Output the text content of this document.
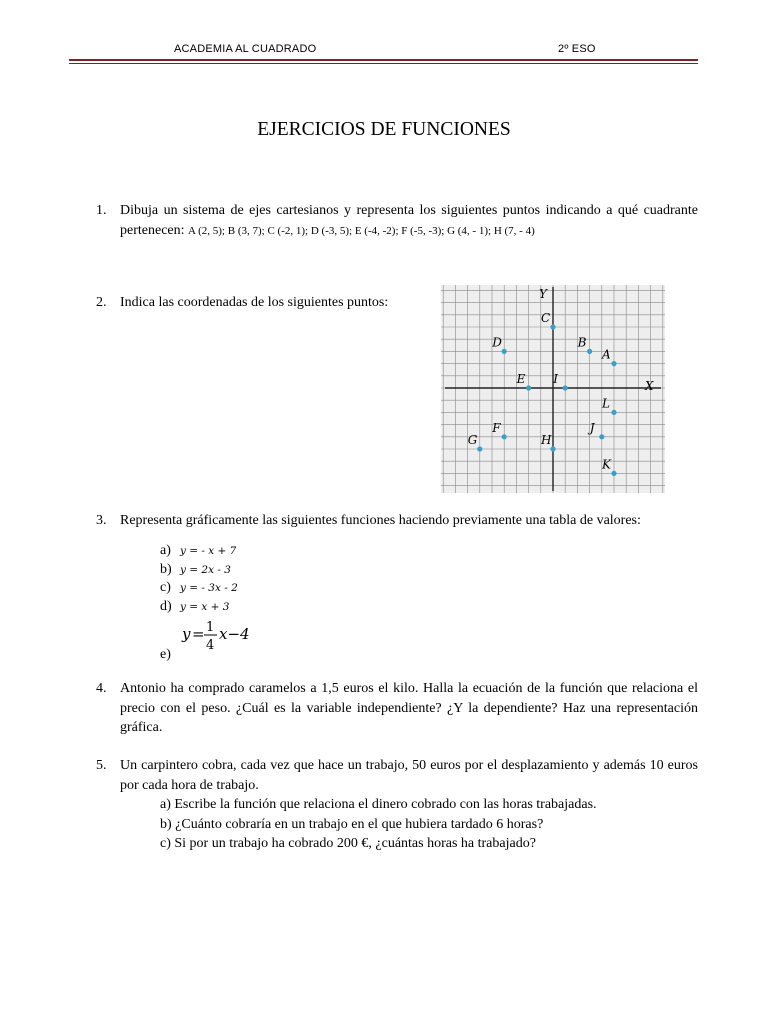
ACADEMIA AL CUADRADO	2º ESO
EJERCICIOS DE FUNCIONES
1. Dibuja un sistema de ejes cartesianos y representa los siguientes puntos indicando a qué cuadrante pertenecen: A (2, 5); B (3, 7); C (-2, 1); D (-3, 5); E (-4, -2); F (-5, -3); G (4, - 1); H (7, - 4)
2. Indica las coordenadas de los siguientes puntos:
X
Y
C
D	B
A
E I
L
F	J
G	H
K
3. Representa gráficamente las siguientes funciones haciendo previamente una tabla de valores:
a) y = - x + 7
b) y = 2x - 3
c) y = - 3x - 2
d) y = x + 3
e)
y = 1
4
x−4
4. Antonio ha comprado caramelos a 1,5 euros el kilo. Halla la ecuación de la función que relaciona el precio con el peso. ¿Cuál es la variable independiente? ¿Y la dependiente? Haz una representación gráfica.
5. Un carpintero cobra, cada vez que hace un trabajo, 50 euros por el desplazamiento y además 10 euros por cada hora de trabajo.
a) Escribe la función que relaciona el dinero cobrado con las horas trabajadas.
b) ¿Cuánto cobraría en un trabajo en el que hubiera tardado 6 horas?
c) Si por un trabajo ha cobrado 200 €, ¿cuántas horas ha trabajado?
